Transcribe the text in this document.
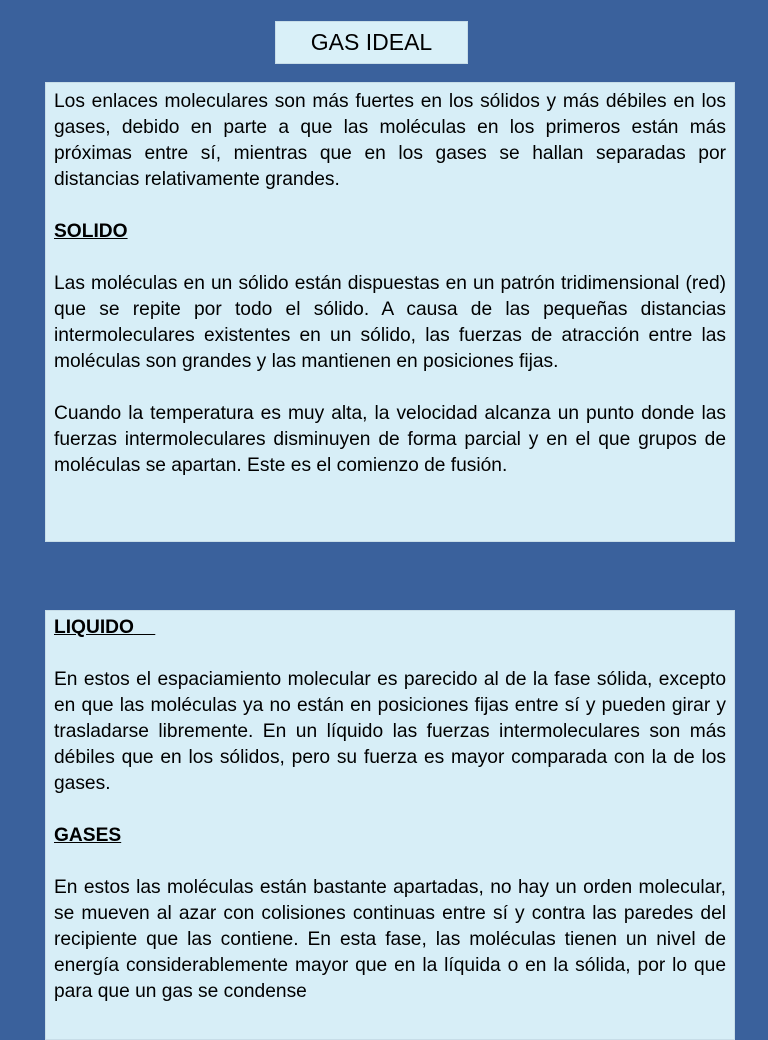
GAS IDEAL

Los enlaces moleculares son más fuertes en los sólidos y más débiles en los gases, debido en parte a que las moléculas en los primeros están más próximas entre sí, mientras que en los gases se hallan separadas por distancias relativamente grandes.

SOLIDO

Las moléculas en un sólido están dispuestas en un patrón tridimensional (red) que se repite por todo el sólido. A causa de las pequeñas distancias intermoleculares existentes en un sólido, las fuerzas de atracción entre las moléculas son grandes y las mantienen en posiciones fijas.

Cuando la temperatura es muy alta, la velocidad alcanza un punto donde las fuerzas intermoleculares disminuyen de forma parcial y en el que grupos de moléculas se apartan. Este es el comienzo de fusión.

LIQUIDO

En estos el espaciamiento molecular es parecido al de la fase sólida, excepto en que las moléculas ya no están en posiciones fijas entre sí y pueden girar y trasladarse libremente. En un líquido las fuerzas intermoleculares son más débiles que en los sólidos, pero su fuerza es mayor comparada con la de los gases.

GASES

En estos las moléculas están bastante apartadas, no hay un orden molecular, se mueven al azar con colisiones continuas entre sí y contra las paredes del recipiente que las contiene. En esta fase, las moléculas tienen un nivel de energía considerablemente mayor que en la líquida o en la sólida, por lo que para que un gas se condense
